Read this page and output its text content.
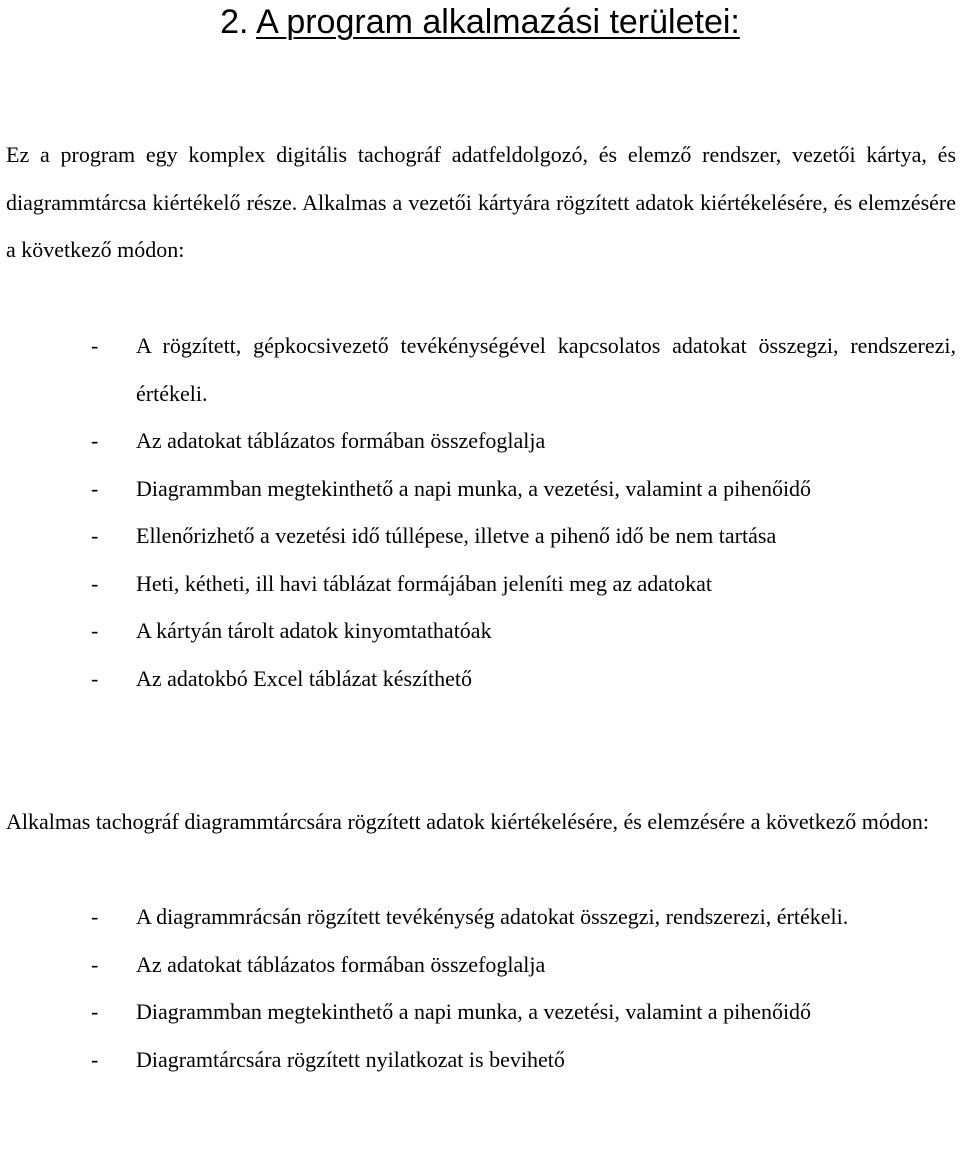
2. A program alkalmazási területei:

Ez a program egy komplex digitális tachográf adatfeldolgozó, és elemző rendszer, vezetői kártya, és diagrammtárcsa kiértékelő része. Alkalmas a vezetői kártyára rögzített adatok kiértékelésére, és elemzésére a következő módon:

- A rögzített, gépkocsivezető tevékénységével kapcsolatos adatokat összegzi, rendszerezi, értékeli.
- Az adatokat táblázatos formában összefoglalja
- Diagrammban megtekinthető a napi munka, a vezetési, valamint a pihenőidő
- Ellenőrizhető a vezetési idő túllépese, illetve a pihenő idő be nem tartása
- Heti, kétheti, ill havi táblázat formájában jeleníti meg az adatokat
- A kártyán tárolt adatok kinyomtathatóak
- Az adatokbó Excel táblázat készíthető

Alkalmas tachográf diagrammtárcsára rögzített adatok kiértékelésére, és elemzésére a következő módon:

- A diagrammrácsán rögzített tevékénység adatokat összegzi, rendszerezi, értékeli.
- Az adatokat táblázatos formában összefoglalja
- Diagrammban megtekinthető a napi munka, a vezetési, valamint a pihenőidő
- Diagramtárcsára rögzített nyilatkozat is bevihető
